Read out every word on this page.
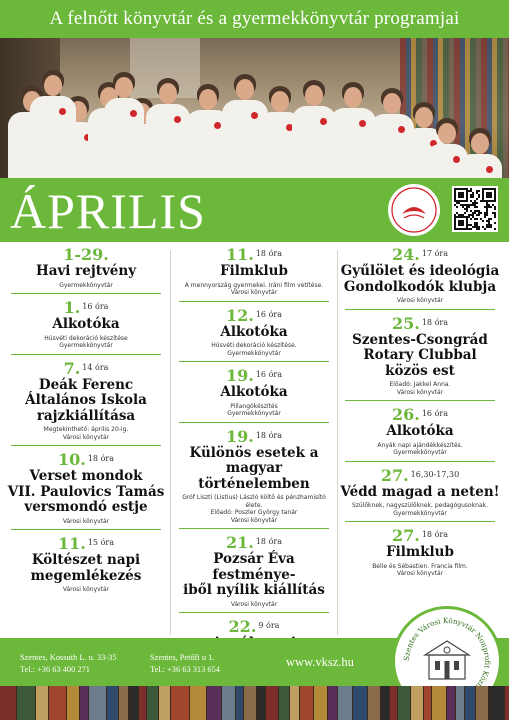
A felnőtt könyvtár és a gyermekkönyvtár programjai
ÁPRILIS
1-29.
Havi rejtvény
Gyermekkönyvtár
1. $^{16 óra}$
Alkotóka
Húsvéti dekoráció készítése
Gyermekkönyvtár
7. $^{14 óra}$
Deák Ferenc
Általános Iskola
rajzkiállítása
Megtekinthető: április 20-ig.
Városi könyvtár
10. $^{18 óra}$
Verset mondok
VII. Paulovics Tamás
versmondó estje
Városi könyvtár
11. $^{15 óra}$
Költészet napi
megemlékezés
Városi könyvtár
11. $^{18 óra}$
Filmklub
A mennyország gyermekei. Iráni film vetítése.
Városi könyvtár
12. $^{16 óra}$
Alkotóka
Húsvéti dekoráció készítése.
Gyermekkönyvtár
19. $^{16 óra}$
Alkotóka
Pillangókészítés
Gyermekkönyvtár
19. $^{18 óra}$
Különös esetek a magyar
történelemben
Gróf Liszti (Listius) László költő és pénzhamisító élete.
Előadó: Poszler György tanár
Városi könyvtár
21. $^{18 óra}$
Pozsár Éva festménye-
iből nyílik kiállítás
Városi könyvtár
22. $^{9 óra}$
24. $^{17 óra}$
Gyűlölet és ideológia
Gondolkodók klubja
Városi könyvtár
25. $^{18 óra}$
Szentes-Csongrád
Rotary Clubbal
közös est
Előadó: Jakkel Anna.
Városi könyvtár
26. $^{16 óra}$
Alkotóka
Anyák napi ajándékkészítés.
Gyermekkönyvtár
27. $^{16,30-17,30}$
Védd magad a neten!
Szülőknek, nagyszülőknek, pedagógusoknak.
Gyermekkönyvtár
27. $^{18 óra}$
Filmklub
Belle és Sébastien. Francia film.
Városi könyvtár
Szentes, Kossuth L. u. 33-35
Tel.: +36 63 400 271
Szentes, Petőfi u 1.
Tel.: +36 63 313 654
www.vksz.hu	Szentes Városi Könyvtár Nonprofit Köz
